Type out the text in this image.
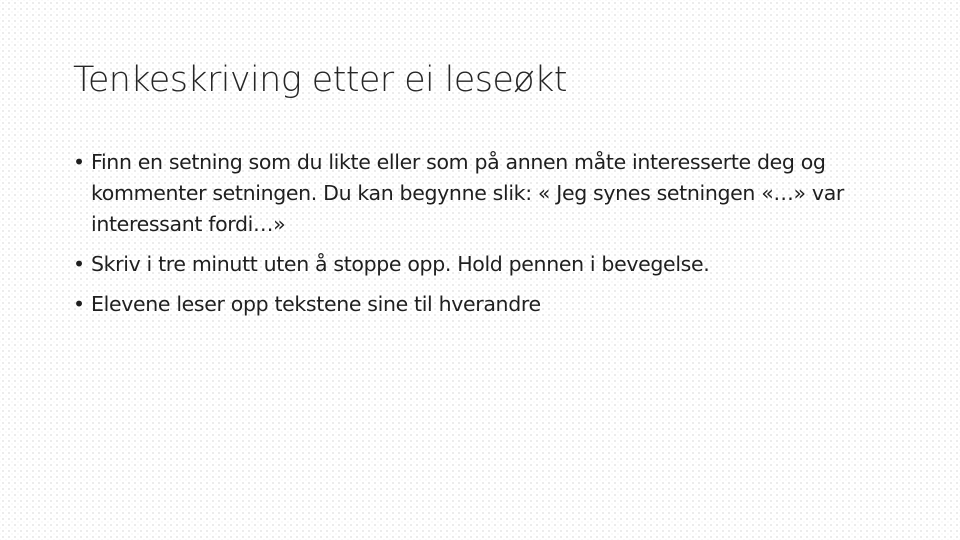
Tenkeskriving etter ei leseøkt
• Finn en setning som du likte eller som på annen måte interesserte deg og kommenter setningen. Du kan begynne slik: « Jeg synes setningen «…» var interessant fordi…»
• Skriv i tre minutt uten å stoppe opp. Hold pennen i bevegelse.
• Elevene leser opp tekstene sine til hverandre
